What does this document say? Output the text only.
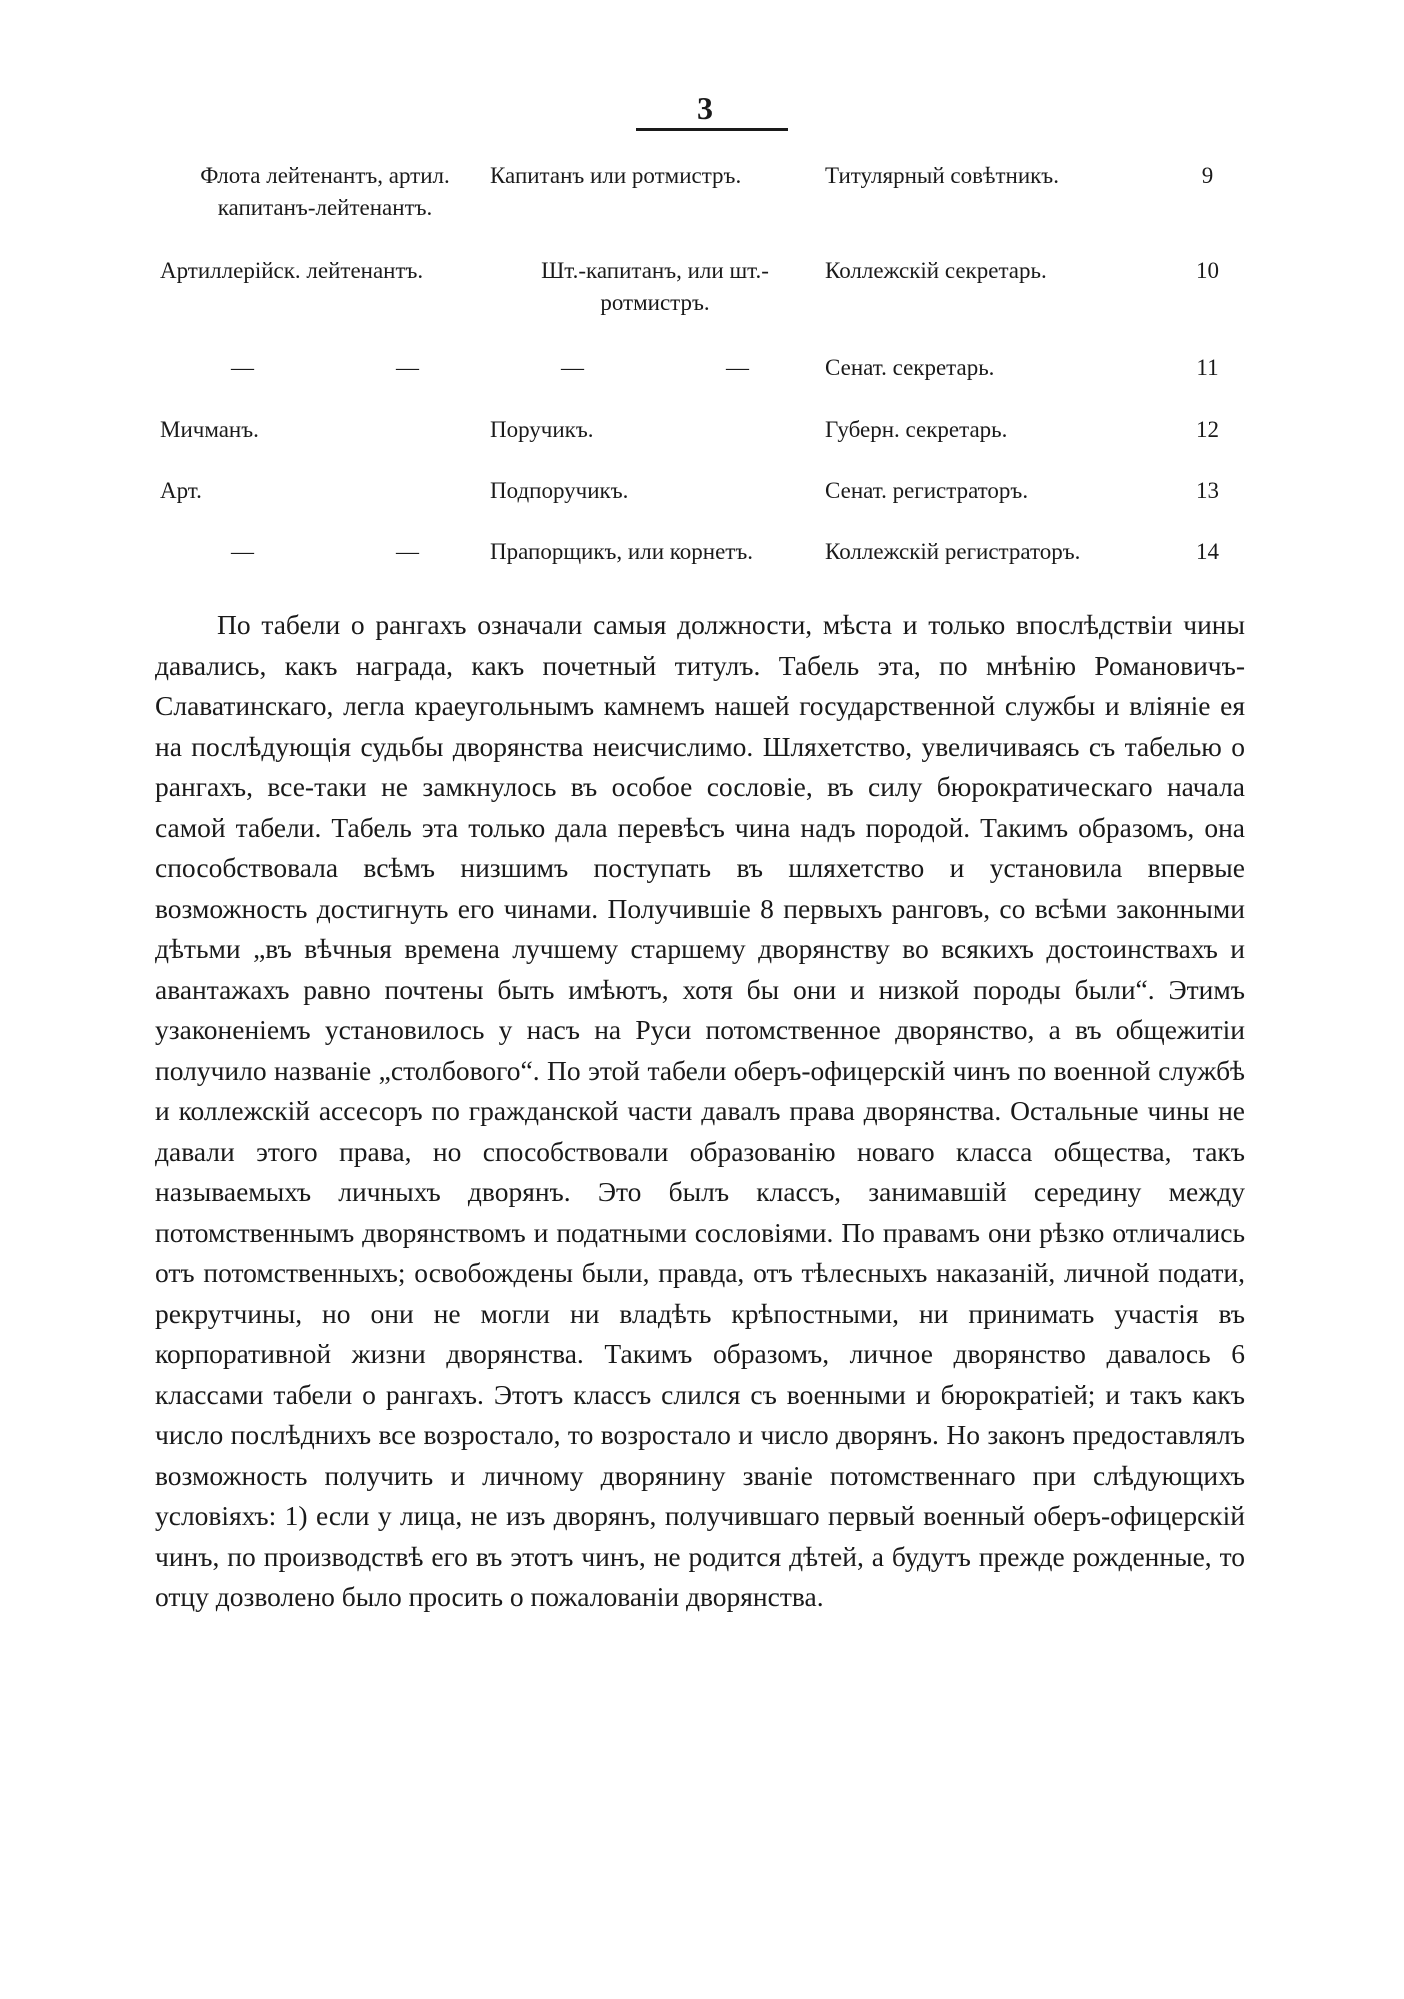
3
Флота лейтенантъ, артил.
капитанъ-лейтенантъ.
Капитанъ или ротмистръ.	Титулярный совѣтникъ.	9
Артиллерійск. лейтенантъ.	Шт.-капитанъ, или шт.-
ротмистръ.
Коллежскій секретарь.	10
—	—	—	—	Сенат. секретарь.	11
Мичманъ.	Поручикъ.	Губерн. секретарь.	12
Арт.	Подпоручикъ.	Сенат. регистраторъ.	13
—	—	Прапорщикъ, или корнетъ.	Коллежскій регистраторъ.	14

По табели о рангахъ означали самыя должности, мѣста и только впослѣдствіи чины давались, какъ награда, какъ почетный титулъ. Табель эта, по мнѣнію Романовичъ-Славатинскаго, легла краеугольнымъ камнемъ нашей государственной службы и вліяніе ея на послѣдующія судьбы дворянства неисчислимо. Шляхетство, увеличиваясь съ табелью о рангахъ, все-таки не замкнулось въ особое сословіе, въ силу бюрократическаго начала самой табели. Табель эта только дала перевѣсъ чина надъ породой. Такимъ образомъ, она способствовала всѣмъ низшимъ поступать въ шляхетство и установила впервые возможность достигнуть его чинами. Получившіе 8 первыхъ ранговъ, со всѣми законными дѣтьми „въ вѣчныя времена лучшему старшему дворянству во всякихъ достоинствахъ и авантажахъ равно почтены быть имѣютъ, хотя бы они и низкой породы были“. Этимъ узаконеніемъ установилось у насъ на Руси потомственное дворянство, а въ общежитіи получило названіе „столбового“. По этой табели оберъ-офицерскій чинъ по военной службѣ и коллежскій ассесоръ по гражданской части давалъ права дворянства. Остальные чины не давали этого права, но способствовали образованію новаго класса общества, такъ называемыхъ личныхъ дворянъ. Это былъ классъ, занимавшій середину между потомственнымъ дворянствомъ и податными сословіями. По правамъ они рѣзко отличались отъ потомственныхъ; освобождены были, правда, отъ тѣлесныхъ наказаній, личной подати, рекрутчины, но они не могли ни владѣть крѣпостными, ни принимать участія въ корпоративной жизни дворянства. Такимъ образомъ, личное дворянство давалось 6 классами табели о рангахъ. Этотъ классъ слился съ военными и бюрократіей; и такъ какъ число послѣднихъ все возростало, то возростало и число дворянъ. Но законъ предоставлялъ возможность получить и личному дворянину званіе потомственнаго при слѣдующихъ условіяхъ: 1) если у лица, не изъ дворянъ, получившаго первый военный оберъ-офицерскій чинъ, по производствѣ его въ этотъ чинъ, не родится дѣтей, а будутъ прежде рожденные, то отцу дозволено было просить о пожалованіи дворянства.
